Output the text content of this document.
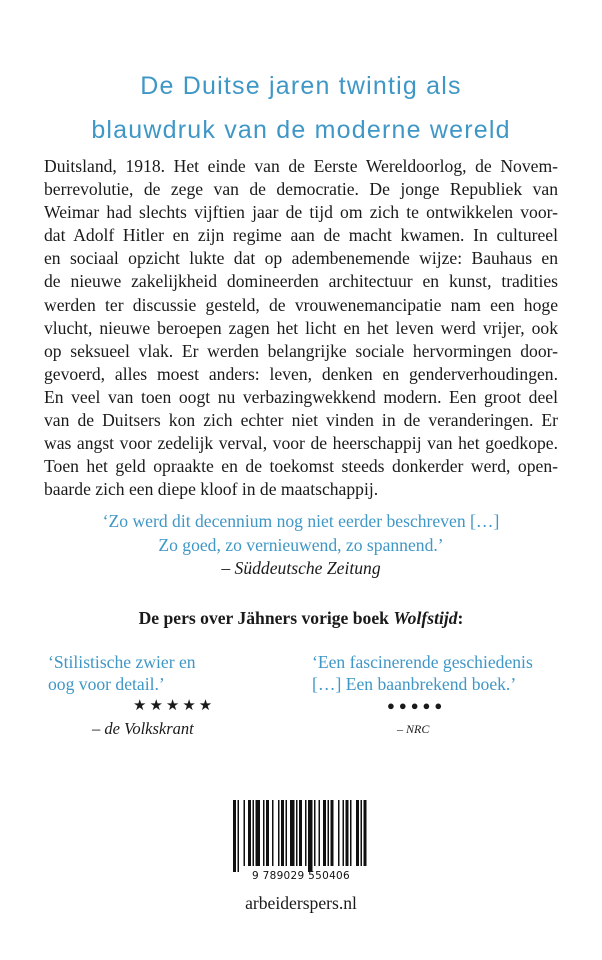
De Duitse jaren twintig als
blauwdruk van de moderne wereld
Duitsland, 1918. Het einde van de Eerste Wereldoorlog, de Novem-
berrevolutie, de zege van de democratie. De jonge Republiek van
Weimar had slechts vijftien jaar de tijd om zich te ontwikkelen voor-
dat Adolf Hitler en zijn regime aan de macht kwamen. In cultureel
en sociaal opzicht lukte dat op adembenemende wijze: Bauhaus en
de nieuwe zakelijkheid domineerden architectuur en kunst, tradities
werden ter discussie gesteld, de vrouwenemancipatie nam een hoge
vlucht, nieuwe beroepen zagen het licht en het leven werd vrijer, ook
op seksueel vlak. Er werden belangrijke sociale hervormingen door-
gevoerd, alles moest anders: leven, denken en genderverhoudingen.
En veel van toen oogt nu verbazingwekkend modern. Een groot deel
van de Duitsers kon zich echter niet vinden in de veranderingen. Er
was angst voor zedelijk verval, voor de heerschappij van het goedkope.
Toen het geld opraakte en de toekomst steeds donkerder werd, open-
baarde zich een diepe kloof in de maatschappij.
‘Zo werd dit decennium nog niet eerder beschreven […]
Zo goed, zo vernieuwend, zo spannend.’
– Süddeutsche Zeitung
De pers over Jähners vorige boek Wolfstijd:
‘Stilistische zwier en
oog voor detail.’
★★★★★
– de Volkskrant
‘Een fascinerende geschiedenis
[…] Een baanbrekend boek.’
●●●●●
– NRC
9 789029 550406
arbeiderspers.nl
